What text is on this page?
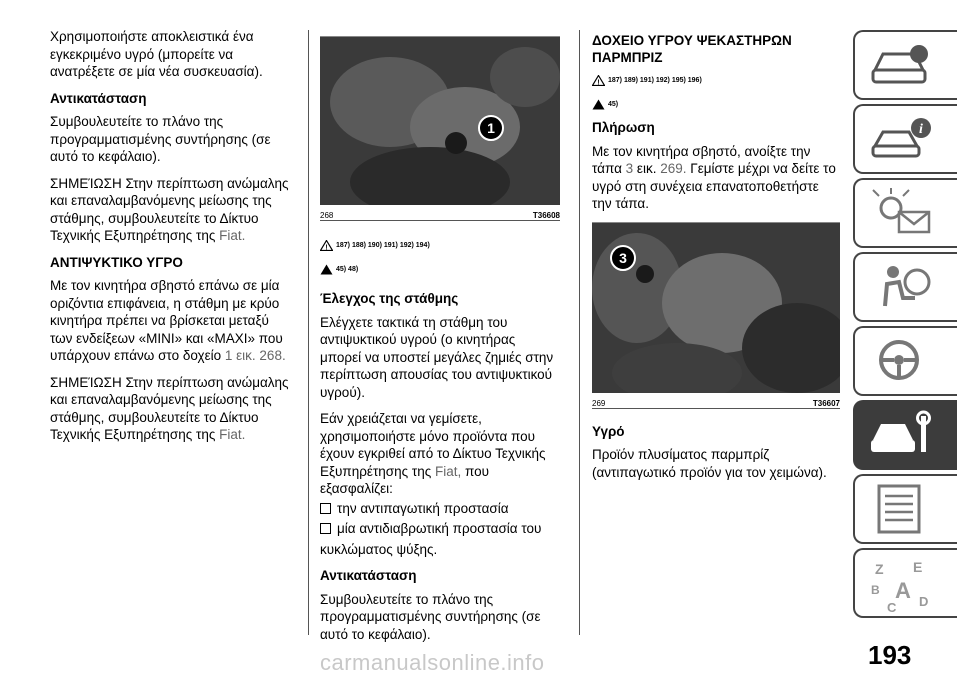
Χρησιμοποιήστε αποκλειστικά ένα εγκεκριμένο υγρό (μπορείτε να ανατρέξετε σε μία νέα συσκευασία).

Αντικατάσταση

Συμβουλευτείτε το πλάνο της προγραμματισμένης συντήρησης (σε αυτό το κεφάλαιο).

ΣΗΜΕΊΩΣΗ Στην περίπτωση ανώμαλης και επαναλαμβανόμενης μείωσης της στάθμης, συμβουλευτείτε το Δίκτυο Τεχνικής Εξυπηρέτησης της Fiat.

ΑΝΤΙΨΥΚΤΙΚΟ ΥΓΡΟ

Με τον κινητήρα σβηστό επάνω σε μία οριζόντια επιφάνεια, η στάθμη με κρύο κινητήρα πρέπει να βρίσκεται μεταξύ των ενδείξεων «MINI» και «MAXI» που υπάρχουν επάνω στο δοχείο 1 εικ. 268.

ΣΗΜΕΊΩΣΗ Στην περίπτωση ανώμαλης και επαναλαμβανόμενης μείωσης της στάθμης, συμβουλευτείτε το Δίκτυο Τεχνικής Εξυπηρέτησης της Fiat.

1
268	T36608
! 187) 188) 190) 191) 192) 194)
45) 48)
Έλεγχος της στάθμης

Ελέγχετε τακτικά τη στάθμη του αντιψυκτικού υγρού (ο κινητήρας μπορεί να υποστεί μεγάλες ζημιές στην περίπτωση απουσίας του αντιψυκτικού υγρού).

Εάν χρειάζεται να γεμίσετε, χρησιμοποιήστε μόνο προϊόντα που έχουν εγκριθεί από το Δίκτυο Τεχνικής Εξυπηρέτησης της Fiat, που εξασφαλίζει:

την αντιπαγωτική προστασία
μία αντιδιαβρωτική προστασία του

κυκλώματος ψύξης.

Αντικατάσταση

Συμβουλευτείτε το πλάνο της προγραμματισμένης συντήρησης (σε αυτό το κεφάλαιο).

ΔΟΧΕΙΟ ΥΓΡΟΥ ΨΕΚΑΣΤΗΡΩΝ ΠΑΡΜΠΡΙΖ
! 187) 189) 191) 192) 195) 196)
45)
Πλήρωση

Με τον κινητήρα σβηστό, ανοίξτε την τάπα 3 εικ. 269. Γεμίστε μέχρι να δείτε το υγρό στη συνέχεια επανατοποθετήστε την τάπα.

3
269	T36607
Υγρό

Προϊόν πλυσίματος παρμπρίζ (αντιπαγωτικό προϊόν για τον χειμώνα).

i
Z E
B A
C D
193
carmanualsonline.info
